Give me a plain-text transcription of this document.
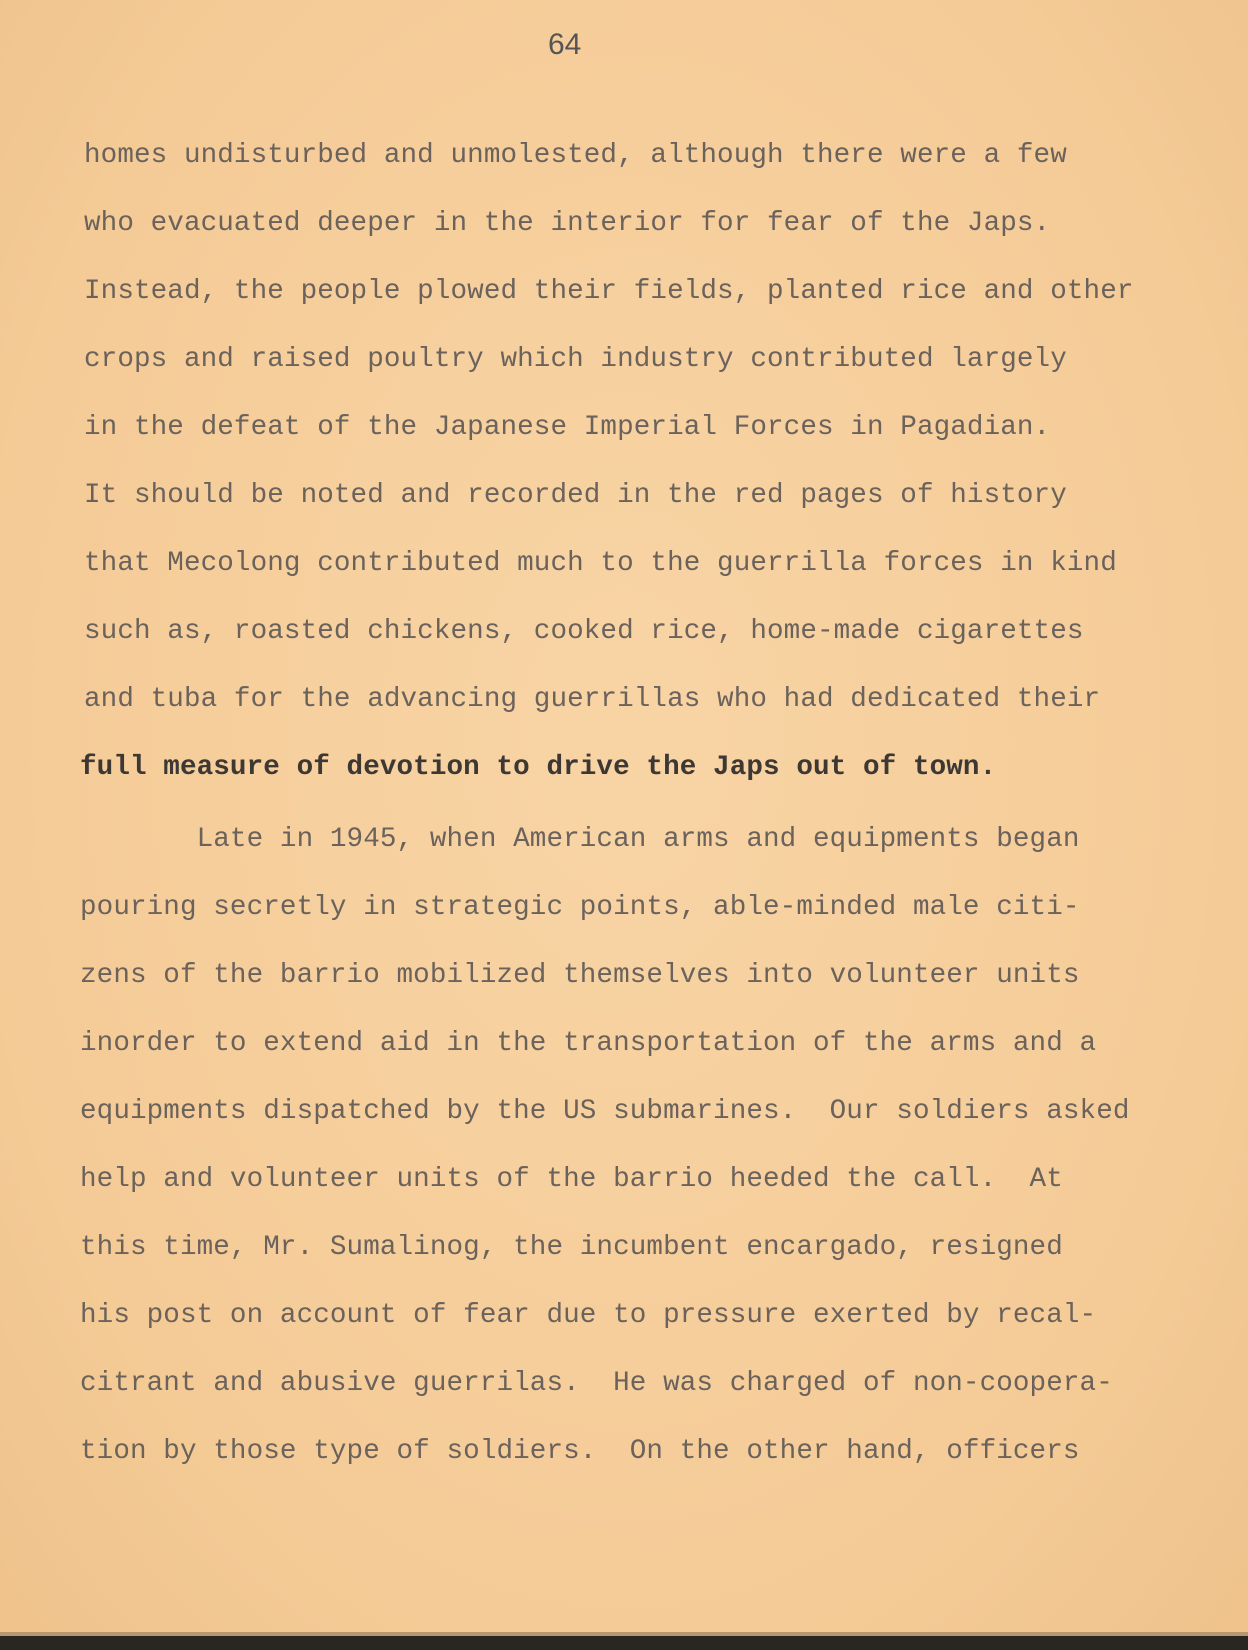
64
homes undisturbed and unmolested, although there were a few
who evacuated deeper in the interior for fear of the Japs.
Instead, the people plowed their fields, planted rice and other
crops and raised poultry which industry contributed largely
in the defeat of the Japanese Imperial Forces in Pagadian.
It should be noted and recorded in the red pages of history
that Mecolong contributed much to the guerrilla forces in kind
such as, roasted chickens, cooked rice, home-made cigarettes
and tuba for the advancing guerrillas who had dedicated their
full measure of devotion to drive the Japs out of town.
Late in 1945, when American arms and equipments began
pouring secretly in strategic points, able-minded male citi-
zens of the barrio mobilized themselves into volunteer units
inorder to extend aid in the transportation of the arms and a
equipments dispatched by the US submarines.  Our soldiers asked
help and volunteer units of the barrio heeded the call.  At
this time, Mr. Sumalinog, the incumbent encargado, resigned
his post on account of fear due to pressure exerted by recal-
citrant and abusive guerrilas.  He was charged of non-coopera-
tion by those type of soldiers.  On the other hand, officers
